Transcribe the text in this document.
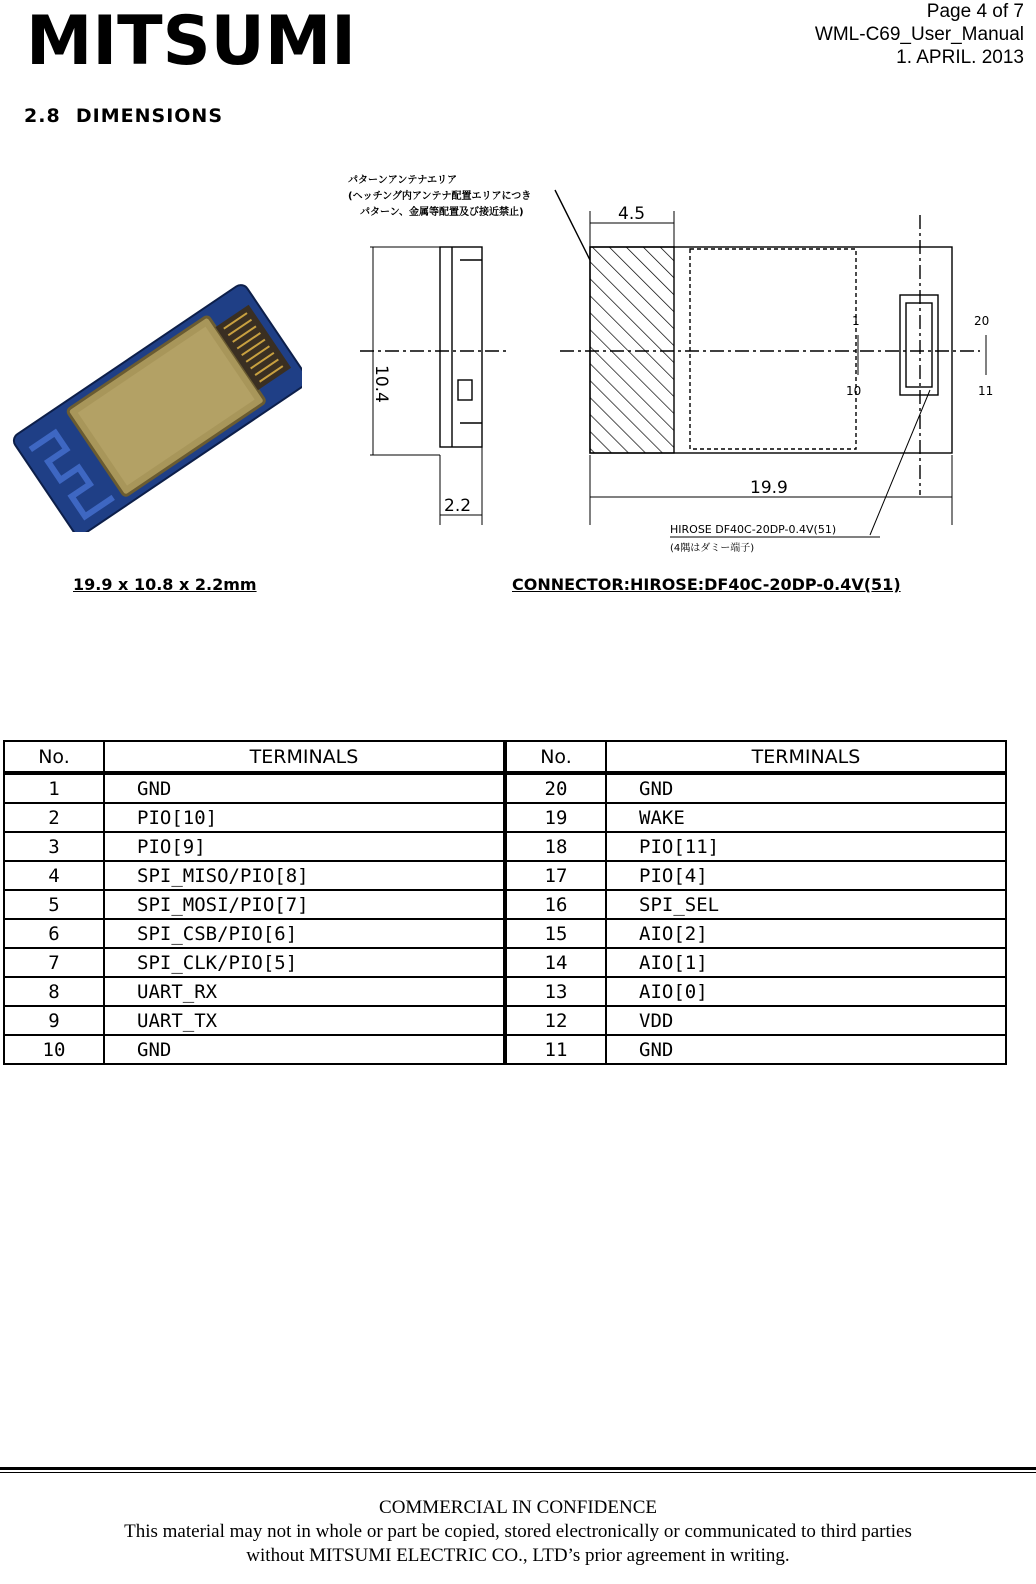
MITSUMI	Page 4 of 7
WML-C69_User_Manual
1. APRIL. 2013
2.8  DIMENSIONS
パターンアンテナエリア
(ヘッチング内アンテナ配置エリアにつき
パターン、金属等配置及び接近禁止)
10.4
2.2
4.5
19.9
1
10
20
11
HIROSE DF40C-20DP-0.4V(51)
(4隅はダミー端子)
19.9 x 10.8 x 2.2mm	CONNECTOR:HIROSE:DF40C-20DP-0.4V(51)
No.	TERMINALS	No.	TERMINALS
1	GND	20	GND
2	PIO[10]	19	WAKE
3	PIO[9]	18	PIO[11]
4	SPI_MISO/PIO[8]	17	PIO[4]
5	SPI_MOSI/PIO[7]	16	SPI_SEL
6	SPI_CSB/PIO[6]	15	AIO[2]
7	SPI_CLK/PIO[5]	14	AIO[1]
8	UART_RX	13	AIO[0]
9	UART_TX	12	VDD
10	GND	11	GND
COMMERCIAL IN CONFIDENCE
This material may not in whole or part be copied, stored electronically or communicated to third parties
without MITSUMI ELECTRIC CO., LTD’s prior agreement in writing.
